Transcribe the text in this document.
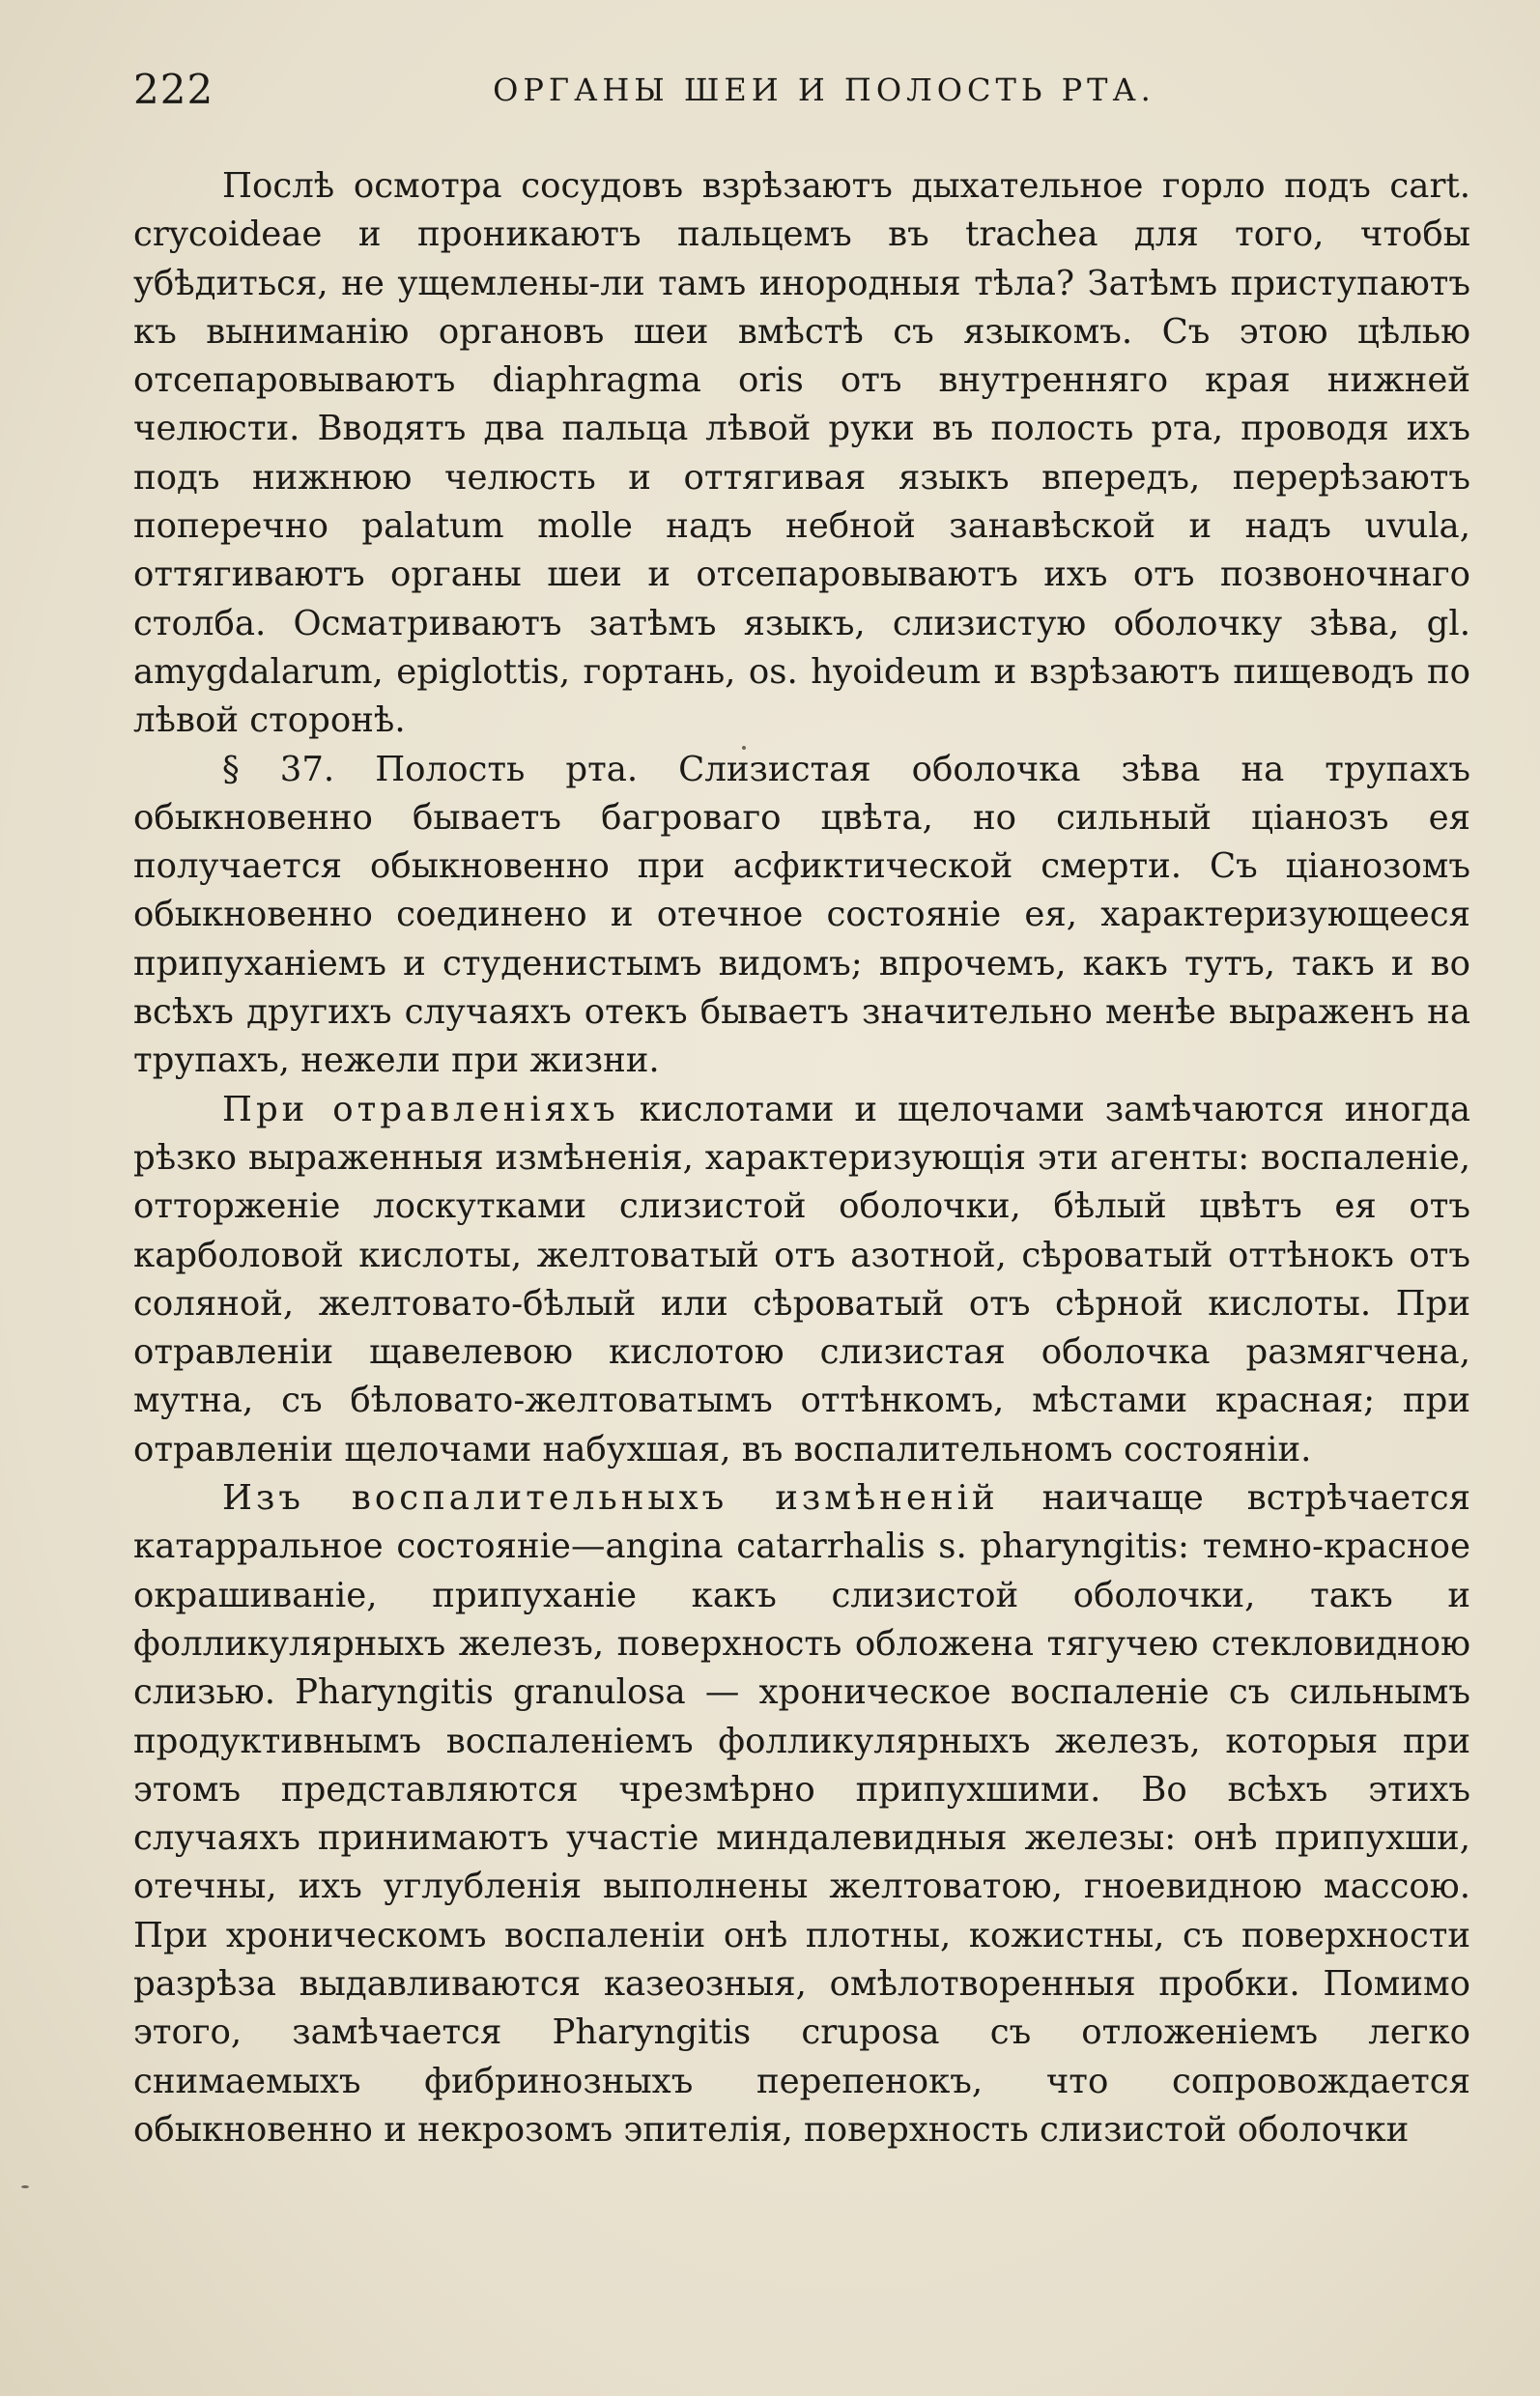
222	ОРГАНЫ ШЕИ И ПОЛОСТЬ РТА.

Послѣ осмотра сосудовъ взрѣзаютъ дыхательное горло подъ cart. crycoideae и проникаютъ пальцемъ въ trachea для того, чтобы убѣдиться, не ущемлены-ли тамъ инородныя тѣла? Затѣмъ приступаютъ къ выниманію органовъ шеи вмѣстѣ съ языкомъ. Съ этою цѣлью отсепаровываютъ diaphragma oris отъ внутренняго края нижней челюсти. Вводятъ два пальца лѣвой руки въ полость рта, проводя ихъ подъ нижнюю челюсть и оттягивая языкъ впередъ, перерѣзаютъ поперечно palatum molle надъ небной занавѣской и надъ uvula, оттягиваютъ органы шеи и отсепаровываютъ ихъ отъ позвоночнаго столба. Осматриваютъ затѣмъ языкъ, слизистую оболочку зѣва, gl. amygdalarum, epiglottis, гортань, os. hyoideum и взрѣзаютъ пищеводъ по лѣвой сторонѣ.

§ 37. Полость рта. Слизистая оболочка зѣва на трупахъ обыкновенно бываетъ багроваго цвѣта, но сильный ціанозъ ея получается обыкновенно при асфиктической смерти. Съ ціанозомъ обыкновенно соединено и отечное состояніе ея, характеризующееся припуханіемъ и студенистымъ видомъ; впрочемъ, какъ тутъ, такъ и во всѣхъ другихъ случаяхъ отекъ бываетъ значительно менѣе выраженъ на трупахъ, нежели при жизни.

При отравленіяхъ кислотами и щелочами замѣчаются иногда рѣзко выраженныя измѣненія, характеризующія эти агенты: воспаленіе, отторженіе лоскутками слизистой оболочки, бѣлый цвѣтъ ея отъ карболовой кислоты, желтоватый отъ азотной, сѣроватый оттѣнокъ отъ соляной, желтовато-бѣлый или сѣроватый отъ сѣрной кислоты. При отравленіи щавелевою кислотою слизистая оболочка размягчена, мутна, съ бѣловато-желтоватымъ оттѣнкомъ, мѣстами красная; при отравленіи щелочами набухшая, въ воспалительномъ состояніи.

Изъ воспалительныхъ измѣненій наичаще встрѣчается катарральное состояніе—angina catarrhalis s. pharyngitis: темно-красное окрашиваніе, припуханіе какъ слизистой оболочки, такъ и фолликулярныхъ железъ, поверхность обложена тягучею стекловидною слизью. Pharyngitis granulosa — хроническое воспаленіе съ сильнымъ продуктивнымъ воспаленіемъ фолликулярныхъ железъ, которыя при этомъ представляются чрезмѣрно припухшими. Во всѣхъ этихъ случаяхъ принимаютъ участіе миндалевидныя железы: онѣ припухши, отечны, ихъ углубленія выполнены желтоватою, гноевидною массою. При хроническомъ воспаленіи онѣ плотны, кожистны, съ поверхности разрѣза выдавливаются казеозныя, омѣлотворенныя пробки. Помимо этого, замѣчается Pharyngitis cruposa съ отложеніемъ легко снимаемыхъ фибринозныхъ перепенокъ, что сопровождается обыкновенно и некрозомъ эпителія, поверхность слизистой оболочки
